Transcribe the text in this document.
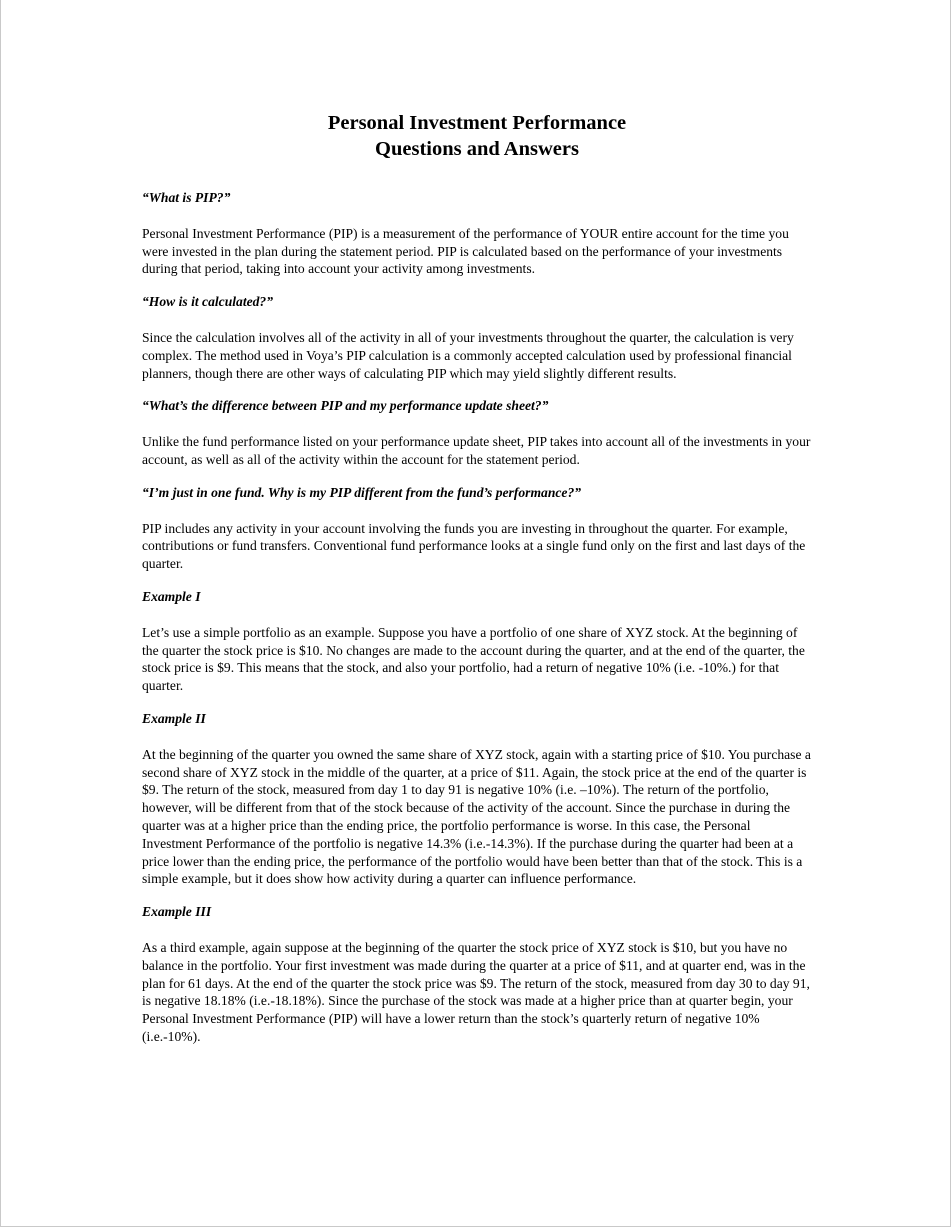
Personal Investment Performance
Questions and Answers
“What is PIP?”

Personal Investment Performance (PIP) is a measurement of the performance of YOUR entire account for the time you were invested in the plan during the statement period. PIP is calculated based on the performance of your investments during that period, taking into account your activity among investments.

“How is it calculated?”

Since the calculation involves all of the activity in all of your investments throughout the quarter, the calculation is very complex. The method used in Voya’s PIP calculation is a commonly accepted calculation used by professional financial planners, though there are other ways of calculating PIP which may yield slightly different results.

“What’s the difference between PIP and my performance update sheet?”

Unlike the fund performance listed on your performance update sheet, PIP takes into account all of the investments in your account, as well as all of the activity within the account for the statement period.

“I’m just in one fund. Why is my PIP different from the fund’s performance?”

PIP includes any activity in your account involving the funds you are investing in throughout the quarter. For example, contributions or fund transfers. Conventional fund performance looks at a single fund only on the first and last days of the quarter.

Example I

Let’s use a simple portfolio as an example. Suppose you have a portfolio of one share of XYZ stock. At the beginning of the quarter the stock price is $10. No changes are made to the account during the quarter, and at the end of the quarter, the stock price is $9. This means that the stock, and also your portfolio, had a return of negative 10% (i.e. -10%.) for that quarter.

Example II

At the beginning of the quarter you owned the same share of XYZ stock, again with a starting price of $10. You purchase a second share of XYZ stock in the middle of the quarter, at a price of $11. Again, the stock price at the end of the quarter is $9. The return of the stock, measured from day 1 to day 91 is negative 10% (i.e. –10%). The return of the portfolio, however, will be different from that of the stock because of the activity of the account. Since the purchase in during the quarter was at a higher price than the ending price, the portfolio performance is worse. In this case, the Personal Investment Performance of the portfolio is negative 14.3% (i.e.-14.3%). If the purchase during the quarter had been at a price lower than the ending price, the performance of the portfolio would have been better than that of the stock. This is a simple example, but it does show how activity during a quarter can influence performance.

Example III

As a third example, again suppose at the beginning of the quarter the stock price of XYZ stock is $10, but you have no balance in the portfolio. Your first investment was made during the quarter at a price of $11, and at quarter end, was in the plan for 61 days. At the end of the quarter the stock price was $9. The return of the stock, measured from day 30 to day 91, is negative 18.18% (i.e.-18.18%). Since the purchase of the stock was made at a higher price than at quarter begin, your Personal Investment Performance (PIP) will have a lower return than the stock’s quarterly return of negative 10% (i.e.-10%).
